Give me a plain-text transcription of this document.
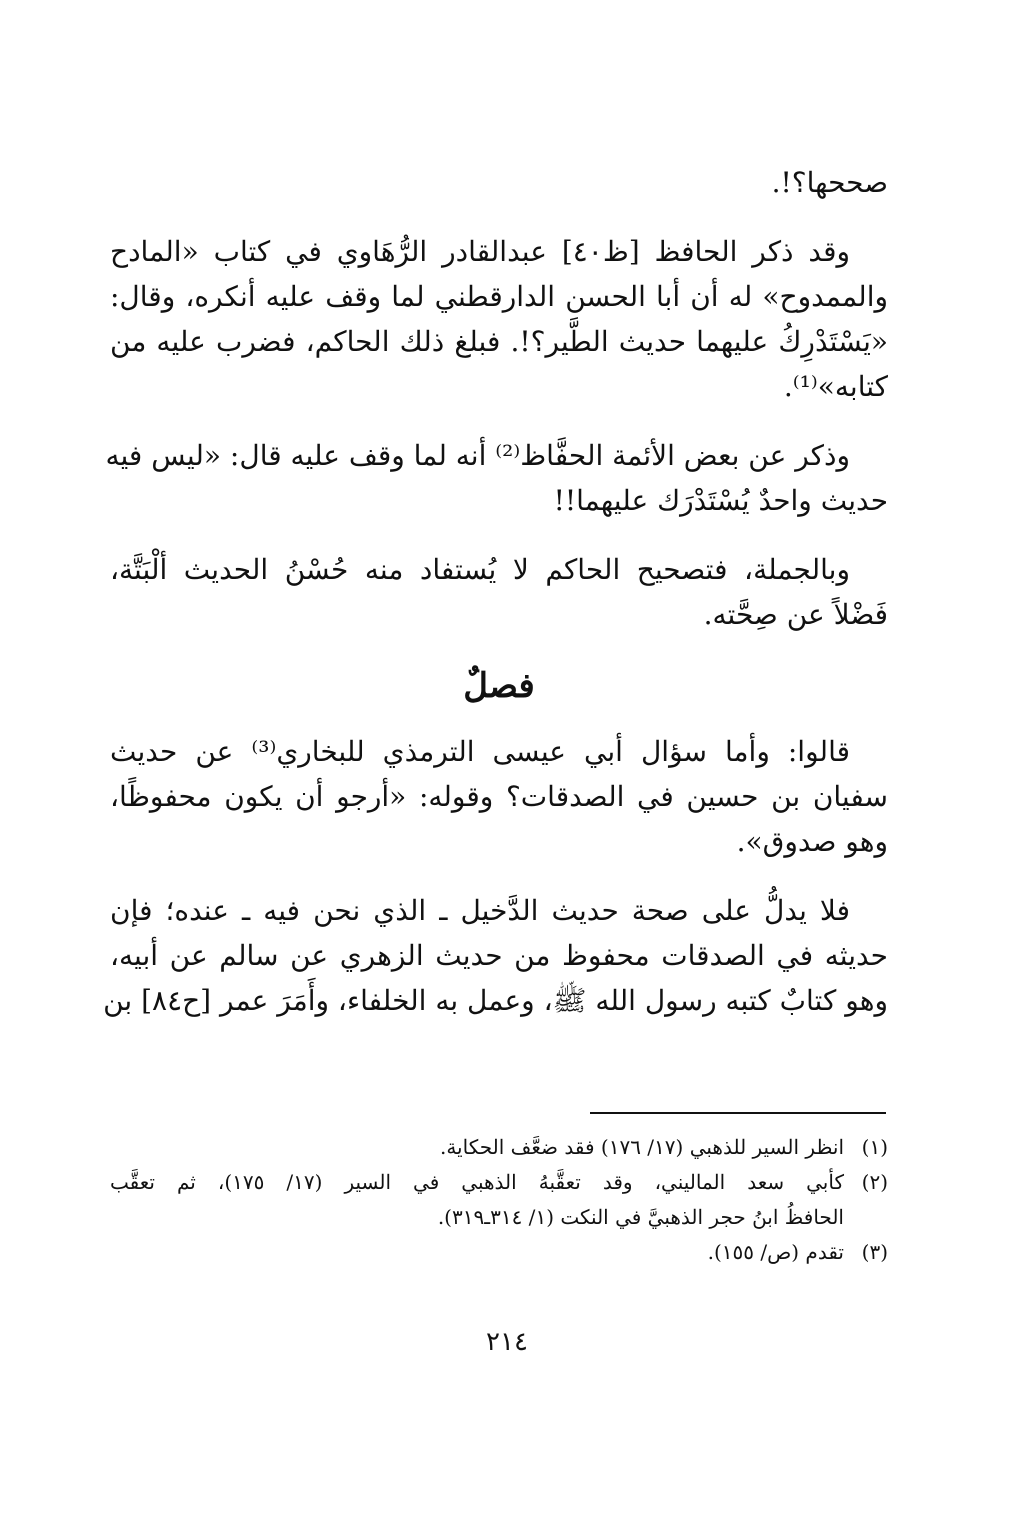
صححها؟!.
وقد ذكر الحافظ [ظ٤٠] عبدالقادر الرُّهَاوي في كتاب «المادح
والممدوح» له أن أبا الحسن الدارقطني لما وقف عليه أنكره، وقال:
«يَسْتَدْرِكُ عليهما حديث الطَّير؟!. فبلغ ذلك الحاكم، فضرب عليه من
كتابه»⁽¹⁾.
وذكر عن بعض الأئمة الحفَّاظ⁽²⁾ أنه لما وقف عليه قال: «ليس فيه
حديث واحدٌ يُسْتَدْرَك عليهما!!
وبالجملة، فتصحيح الحاكم لا يُستفاد منه حُسْنُ الحديث ألْبَتَّة،
فَضْلاً عن صِحَّته.
فصلٌ
قالوا: وأما سؤال أبي عيسى الترمذي للبخاري⁽³⁾ عن حديث
سفيان بن حسين في الصدقات؟ وقوله: «أرجو أن يكون محفوظًا،
وهو صدوق».
فلا يدلُّ على صحة حديث الدَّخيل ـ الذي نحن فيه ـ عنده؛ فإن
حديثه في الصدقات محفوظ من حديث الزهري عن سالم عن أبيه،
وهو كتابٌ كتبه رسول الله ﷺ، وعمل به الخلفاء، وأَمَرَ عمر [ح٨٤] بن
(١)
انظر السير للذهبي (١٧/ ١٧٦) فقد ضعَّف الحكاية.
(٢)
كأبي سعد الماليني، وقد تعقَّبهُ الذهبي في السير (١٧/ ١٧٥)، ثم تعقَّب
الحافظُ ابنُ حجر الذهبيَّ في النكت (١/ ٣١٤ـ٣١٩).
(٣)
تقدم (ص/ ١٥٥).
٢١٤
